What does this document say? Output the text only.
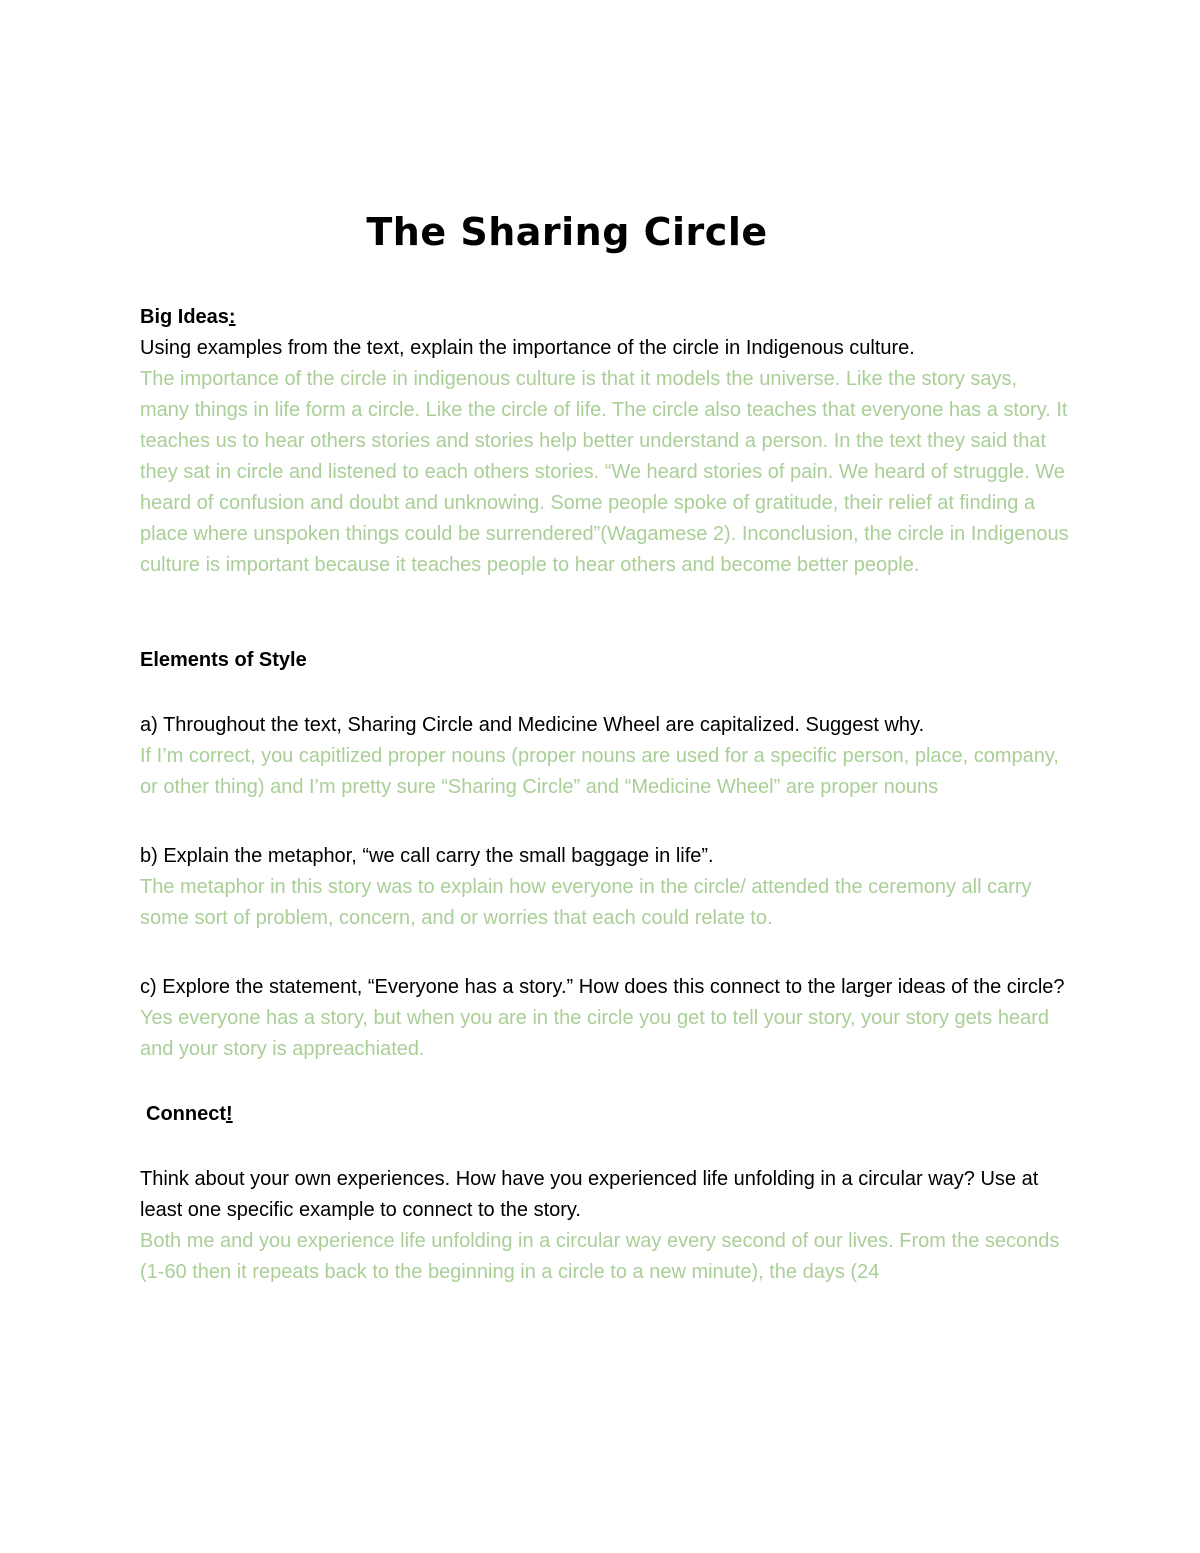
The Sharing Circle

Big Ideas:

Using examples from the text, explain the importance of the circle in Indigenous culture.

The importance of the circle in indigenous culture is that it models the universe. Like the story says, many things in life form a circle. Like the circle of life. The circle also teaches that everyone has a story. It teaches us to hear others stories and stories help better understand a person. In the text they said that they sat in circle and listened to each others stories. “We heard stories of pain. We heard of struggle. We heard of confusion and doubt and unknowing. Some people spoke of gratitude, their relief at finding a place where unspoken things could be surrendered”(Wagamese 2). Inconclusion, the circle in Indigenous culture is important because it teaches people to hear others and become better people.

Elements of Style

a) Throughout the text, Sharing Circle and Medicine Wheel are capitalized. Suggest why.

If I’m correct, you capitlized proper nouns (proper nouns are used for a specific person, place, company, or other thing) and I’m pretty sure “Sharing Circle” and “Medicine Wheel” are proper nouns

b) Explain the metaphor, “we call carry the small baggage in life”.

The metaphor in this story was to explain how everyone in the circle/ attended the ceremony all carry some sort of problem, concern, and or worries that each could relate to.

c) Explore the statement, “Everyone has a story.” How does this connect to the larger ideas of the circle?

Yes everyone has a story, but when you are in the circle you get to tell your story, your story gets heard and your story is appreachiated.

Connect!

Think about your own experiences. How have you experienced life unfolding in a circular way? Use at least one specific example to connect to the story.

Both me and you experience life unfolding in a circular way every second of our lives. From the seconds (1-60 then it repeats back to the beginning in a circle to a new minute), the days (24
